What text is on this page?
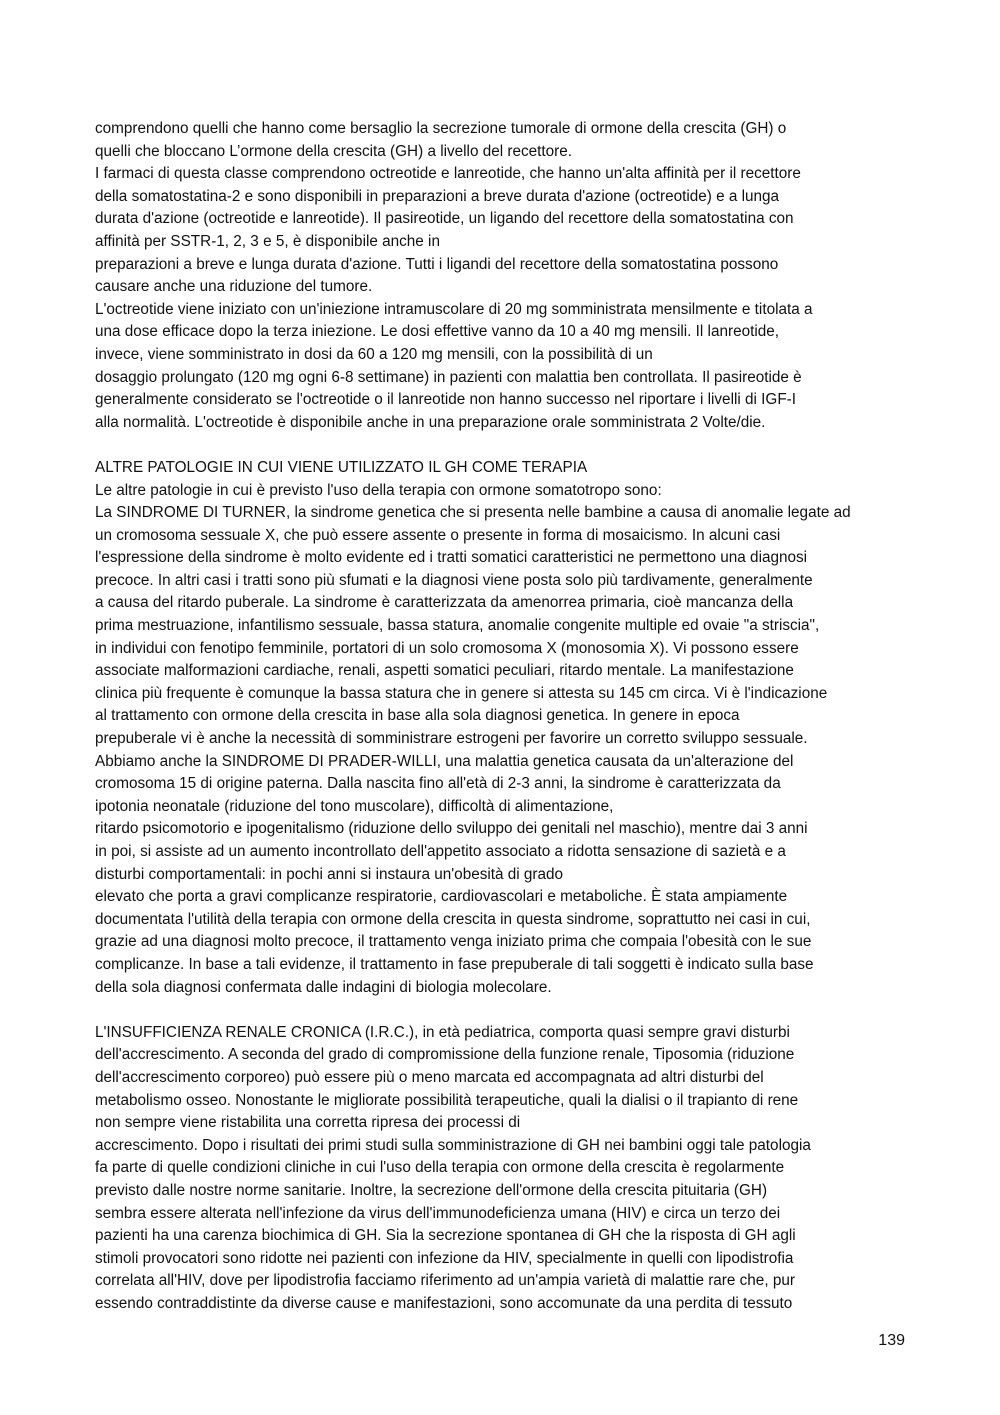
comprendono quelli che hanno come bersaglio la secrezione tumorale di ormone della crescita (GH) o
quelli che bloccano L’ormone della crescita (GH) a livello del recettore.
I farmaci di questa classe comprendono octreotide e lanreotide, che hanno un'alta affinità per il recettore
della somatostatina-2 e sono disponibili in preparazioni a breve durata d'azione (octreotide) e a lunga
durata d'azione (octreotide e lanreotide). Il pasireotide, un ligando del recettore della somatostatina con
affinità per SSTR-1, 2, 3 e 5, è disponibile anche in
preparazioni a breve e lunga durata d'azione. Tutti i ligandi del recettore della somatostatina possono
causare anche una riduzione del tumore.
L'octreotide viene iniziato con un'iniezione intramuscolare di 20 mg somministrata mensilmente e titolata a
una dose efficace dopo la terza iniezione. Le dosi effettive vanno da 10 a 40 mg mensili. Il lanreotide,
invece, viene somministrato in dosi da 60 a 120 mg mensili, con la possibilità di un
dosaggio prolungato (120 mg ogni 6-8 settimane) in pazienti con malattia ben controllata. Il pasireotide è
generalmente considerato se l'octreotide o il lanreotide non hanno successo nel riportare i livelli di IGF-I
alla normalità. L'octreotide è disponibile anche in una preparazione orale somministrata 2 Volte/die.
ALTRE PATOLOGIE IN CUI VIENE UTILIZZATO IL GH COME TERAPIA
Le altre patologie in cui è previsto l'uso della terapia con ormone somatotropo sono:
La SINDROME DI TURNER, la sindrome genetica che si presenta nelle bambine a causa di anomalie legate ad
un cromosoma sessuale X, che può essere assente o presente in forma di mosaicismo. In alcuni casi
l'espressione della sindrome è molto evidente ed i tratti somatici caratteristici ne permettono una diagnosi
precoce. In altri casi i tratti sono più sfumati e la diagnosi viene posta solo più tardivamente, generalmente
a causa del ritardo puberale. La sindrome è caratterizzata da amenorrea primaria, cioè mancanza della
prima mestruazione, infantilismo sessuale, bassa statura, anomalie congenite multiple ed ovaie "a striscia",
in individui con fenotipo femminile, portatori di un solo cromosoma X (monosomia X). Vi possono essere
associate malformazioni cardiache, renali, aspetti somatici peculiari, ritardo mentale. La manifestazione
clinica più frequente è comunque la bassa statura che in genere si attesta su 145 cm circa. Vi è l'indicazione
al trattamento con ormone della crescita in base alla sola diagnosi genetica. In genere in epoca
prepuberale vi è anche la necessità di somministrare estrogeni per favorire un corretto sviluppo sessuale.
Abbiamo anche la SINDROME DI PRADER-WILLI, una malattia genetica causata da un'alterazione del
cromosoma 15 di origine paterna. Dalla nascita fino all'età di 2-3 anni, la sindrome è caratterizzata da
ipotonia neonatale (riduzione del tono muscolare), difficoltà di alimentazione,
ritardo psicomotorio e ipogenitalismo (riduzione dello sviluppo dei genitali nel maschio), mentre dai 3 anni
in poi, si assiste ad un aumento incontrollato dell'appetito associato a ridotta sensazione di sazietà e a
disturbi comportamentali: in pochi anni si instaura un'obesità di grado
elevato che porta a gravi complicanze respiratorie, cardiovascolari e metaboliche. È stata ampiamente
documentata l'utilità della terapia con ormone della crescita in questa sindrome, soprattutto nei casi in cui,
grazie ad una diagnosi molto precoce, il trattamento venga iniziato prima che compaia l'obesità con le sue
complicanze. In base a tali evidenze, il trattamento in fase prepuberale di tali soggetti è indicato sulla base
della sola diagnosi confermata dalle indagini di biologia molecolare.
L'INSUFFICIENZA RENALE CRONICA (I.R.C.), in età pediatrica, comporta quasi sempre gravi disturbi
dell'accrescimento. A seconda del grado di compromissione della funzione renale, Tiposomia (riduzione
dell'accrescimento corporeo) può essere più o meno marcata ed accompagnata ad altri disturbi del
metabolismo osseo. Nonostante le migliorate possibilità terapeutiche, quali la dialisi o il trapianto di rene
non sempre viene ristabilita una corretta ripresa dei processi di
accrescimento. Dopo i risultati dei primi studi sulla somministrazione di GH nei bambini oggi tale patologia
fa parte di quelle condizioni cliniche in cui l'uso della terapia con ormone della crescita è regolarmente
previsto dalle nostre norme sanitarie. Inoltre, la secrezione dell'ormone della crescita pituitaria (GH)
sembra essere alterata nell'infezione da virus dell'immunodeficienza umana (HIV) e circa un terzo dei
pazienti ha una carenza biochimica di GH. Sia la secrezione spontanea di GH che la risposta di GH agli
stimoli provocatori sono ridotte nei pazienti con infezione da HIV, specialmente in quelli con lipodistrofia
correlata all'HIV, dove per lipodistrofia facciamo riferimento ad un'ampia varietà di malattie rare che, pur
essendo contraddistinte da diverse cause e manifestazioni, sono accomunate da una perdita di tessuto
139
